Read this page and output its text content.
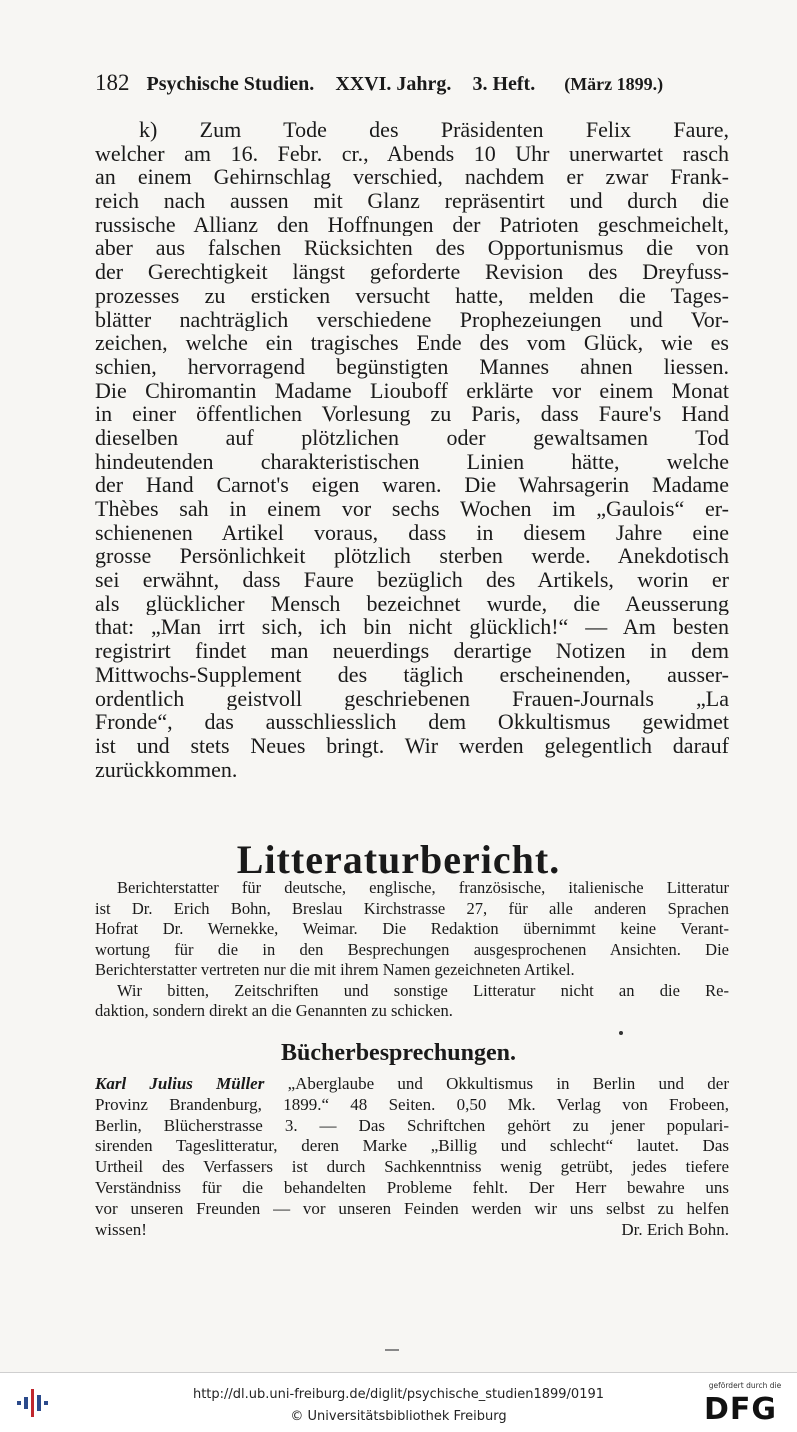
182 Psychische Studien. XXVI. Jahrg. 3. Heft. (März 1899.)
k) Zum Tode des Präsidenten Felix Faure,
welcher am 16. Febr. cr., Abends 10 Uhr unerwartet rasch
an einem Gehirnschlag verschied, nachdem er zwar Frank-
reich nach aussen mit Glanz repräsentirt und durch die
russische Allianz den Hoffnungen der Patrioten geschmeichelt,
aber aus falschen Rücksichten des Opportunismus die von
der Gerechtigkeit längst geforderte Revision des Dreyfuss-
prozesses zu ersticken versucht hatte, melden die Tages-
blätter nachträglich verschiedene Prophezeiungen und Vor-
zeichen, welche ein tragisches Ende des vom Glück, wie es
schien, hervorragend begünstigten Mannes ahnen liessen.
Die Chiromantin Madame Liouboff erklärte vor einem Monat
in einer öffentlichen Vorlesung zu Paris, dass Faure's Hand
dieselben auf plötzlichen oder gewaltsamen Tod
hindeutenden charakteristischen Linien hätte, welche
der Hand Carnot's eigen waren. Die Wahrsagerin Madame
Thèbes sah in einem vor sechs Wochen im „Gaulois“ er-
schienenen Artikel voraus, dass in diesem Jahre eine
grosse Persönlichkeit plötzlich sterben werde. Anekdotisch
sei erwähnt, dass Faure bezüglich des Artikels, worin er
als glücklicher Mensch bezeichnet wurde, die Aeusserung
that: „Man irrt sich, ich bin nicht glücklich!“ — Am besten
registrirt findet man neuerdings derartige Notizen in dem
Mittwochs-Supplement des täglich erscheinenden, ausser-
ordentlich geistvoll geschriebenen Frauen-Journals „La
Fronde“, das ausschliesslich dem Okkultismus gewidmet
ist und stets Neues bringt. Wir werden gelegentlich darauf
zurückkommen.
Litteraturbericht.
Berichterstatter für deutsche, englische, französische, italienische Litteratur
ist Dr. Erich Bohn, Breslau Kirchstrasse 27, für alle anderen Sprachen
Hofrat Dr. Wernekke, Weimar. Die Redaktion übernimmt keine Verant-
wortung für die in den Besprechungen ausgesprochenen Ansichten. Die
Berichterstatter vertreten nur die mit ihrem Namen gezeichneten Artikel.
Wir bitten, Zeitschriften und sonstige Litteratur nicht an die Re-
daktion, sondern direkt an die Genannten zu schicken.
Bücherbesprechungen.
Karl Julius Müller „Aberglaube und Okkultismus in Berlin und der
Provinz Brandenburg, 1899.“ 48 Seiten. 0,50 Mk. Verlag von Frobeen,
Berlin, Blücherstrasse 3. — Das Schriftchen gehört zu jener populari-
sirenden Tageslitteratur, deren Marke „Billig und schlecht“ lautet. Das
Urtheil des Verfassers ist durch Sachkenntniss wenig getrübt, jedes tiefere
Verständniss für die behandelten Probleme fehlt. Der Herr bewahre uns
vor unseren Freunden — vor unseren Feinden werden wir uns selbst zu helfen
wissen!	Dr. Erich Bohn.
http://dl.ub.uni-freiburg.de/diglit/psychische_studien1899/0191
© Universitätsbibliothek Freiburg
gefördert durch die
DFG
